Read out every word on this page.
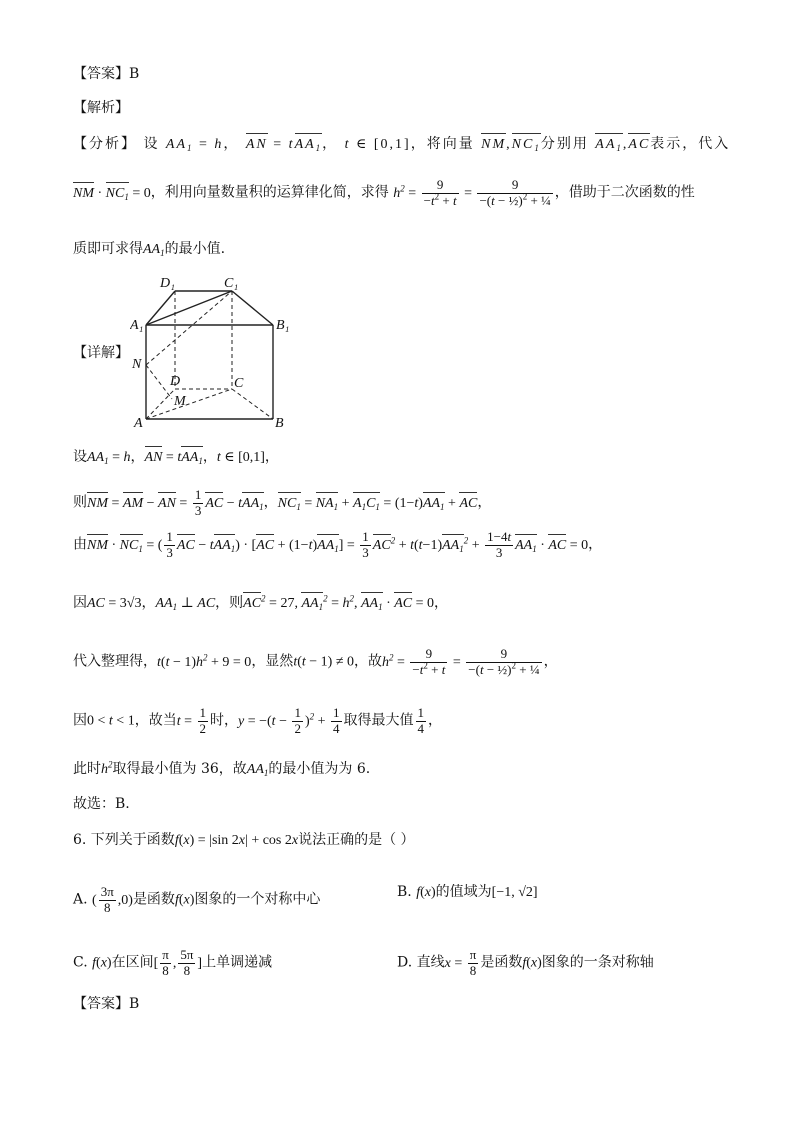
【答案】B
【解析】
【分析】 设 $AA_1 = h$， AN = tAA$_1$， t ∈ [0,1]，将向量 $NM,NC_1$分别用 $AA_1,AC$表示，代入
NM · $NC_1 = 0$，利用向量数量积的运算律化简，求得 $h^2 = \frac{9}{-t^2 + t} = \frac{9}{-(t - \frac{1}{2})^2 + \frac{1}{4}}$ ，借助于二次函数的性
质即可求得$AA_1$的最小值.
D₁	C₁
A₁	B₁
N
D	C
M
A	B
【详解】
设$AA_1 = h$，AN = tAA$_1$，t ∈ [0,1]，
则NM = AM − AN = $\frac{1}{3}$ AC − tAA$_1$，$NC_1 = NA_1 + A_1C_1 = (1-t)AA_1$ + AC，
由NM · $NC_1$ = ( $\frac{1}{3}$ AC − $tAA_1) \cdot [AC + (1-t)AA_1] = \frac{1}{3} AC^2 + t(t-1)AA_1^2 + \frac{1-4t}{3} AA_1$ · AC = 0，
因AC = 3√3，$AA_1$ ⊥ AC，则$AC^2 = 27$, $AA_1^2 = h^2$, $AA_1$ · AC = 0，
代入整理得，$t(t - 1)h^2 + 9 = 0$，显然t(t − 1) ≠ 0，故$h^2 = \frac{9}{-t^2 + t} = \frac{9}{-(t - \frac{1}{2})^2 + \frac{1}{4}}$ ，
因0 < t < 1，故当$t = \frac{1}{2}$ 时，$y = -(t - \frac{1}{2} )^2 + \frac{1}{4}$ 取得最大值 $\frac{1}{4}$ ，
此时$h^2$取得最小值为 36，故$AA_1$的最小值为为 6.
故选：B.
6. 下列关于函数f(x) = |sin 2x| + cos 2x说法正确的是（ ）
A. ( $\frac{3\pi}{8} ,0$)是函数f(x)图象的一个对称中心	B. f(x)的值域为[−1, √2]
C. f(x)在区间[ $\frac{\pi}{8}$ , $\frac{5\pi}{8}$ ]上单调递减	D. 直线$x = \frac{\pi}{8}$ 是函数f(x)图象的一条对称轴
【答案】B
